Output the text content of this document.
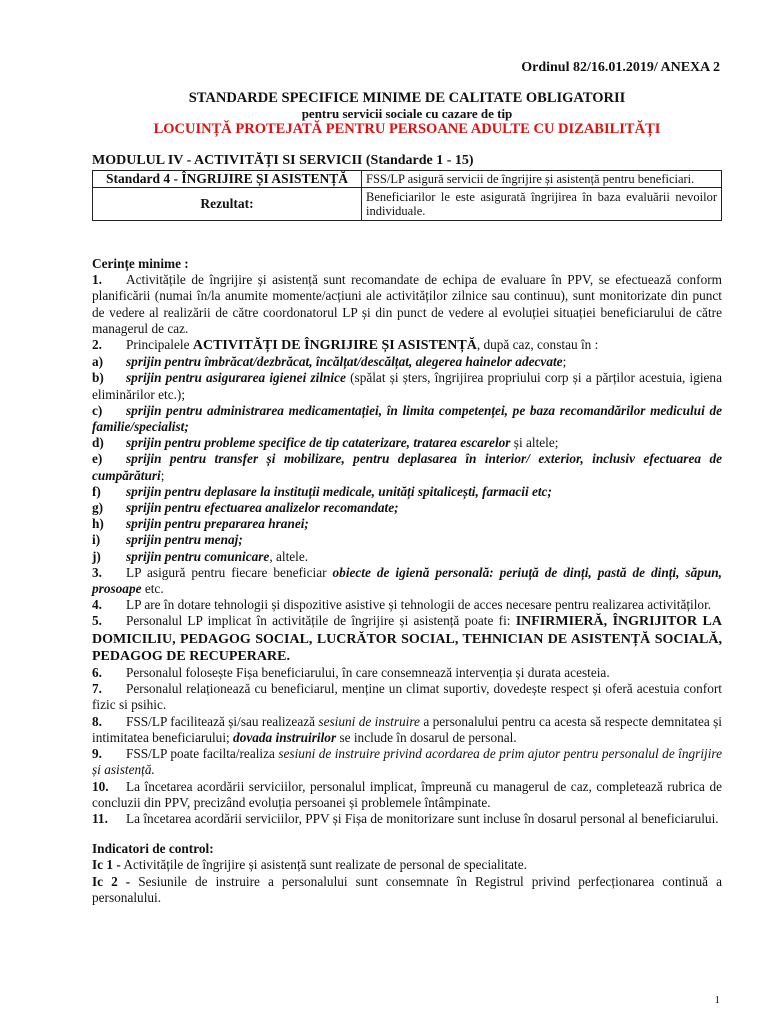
Ordinul 82/16.01.2019/ ANEXA 2
STANDARDE SPECIFICE MINIME DE CALITATE OBLIGATORII
pentru servicii sociale cu cazare de tip
LOCUINȚĂ PROTEJATĂ PENTRU PERSOANE ADULTE CU DIZABILITĂȚI
MODULUL IV - ACTIVITĂȚI SI SERVICII (Standarde 1 - 15)
Standard 4 - ÎNGRIJIRE ȘI ASISTENȚĂ	FSS/LP asigură servicii de îngrijire și asistență pentru beneficiari.
Rezultat:	Beneficiarilor le este asigurată îngrijirea în baza evaluării nevoilor individuale.

Cerințe minime :

1. Activitățile de îngrijire și asistență sunt recomandate de echipa de evaluare în PPV, se efectuează conform planificării (numai în/la anumite momente/acțiuni ale activităților zilnice sau continuu), sunt monitorizate din punct de vedere al realizării de către coordonatorul LP și din punct de vedere al evoluției situației beneficiarului de către managerul de caz.

2. Principalele ACTIVITĂȚI DE ÎNGRIJIRE ȘI ASISTENȚĂ, după caz, constau în :

a) sprijin pentru îmbrăcat/dezbrăcat, încălțat/descălțat, alegerea hainelor adecvate;

b) sprijin pentru asigurarea igienei zilnice (spălat și șters, îngrijirea propriului corp și a părților acestuia, igiena eliminărilor etc.);

c) sprijin pentru administrarea medicamentației, în limita competenței, pe baza recomandărilor medicului de familie/specialist;

d) sprijin pentru probleme specifice de tip cataterizare, tratarea escarelor și altele;

e) sprijin pentru transfer și mobilizare, pentru deplasarea în interior/ exterior, inclusiv efectuarea de cumpărături;

f) sprijin pentru deplasare la instituții medicale, unități spitalicești, farmacii etc;

g) sprijin pentru efectuarea analizelor recomandate;

h) sprijin pentru prepararea hranei;

i) sprijin pentru menaj;

j) sprijin pentru comunicare, altele.

3. LP asigură pentru fiecare beneficiar obiecte de igienă personală: periuță de dinți, pastă de dinți, săpun, prosoape etc.

4. LP are în dotare tehnologii și dispozitive asistive și tehnologii de acces necesare pentru realizarea activităților.

5. Personalul LP implicat în activitățile de îngrijire și asistență poate fi: INFIRMIERĂ, ÎNGRIJITOR LA DOMICILIU, PEDAGOG SOCIAL, LUCRĂTOR SOCIAL, TEHNICIAN DE ASISTENȚĂ SOCIALĂ, PEDAGOG DE RECUPERARE.

6. Personalul folosește Fișa beneficiarului, în care consemnează intervenția și durata acesteia.

7. Personalul relaționează cu beneficiarul, menține un climat suportiv, dovedește respect și oferă acestuia confort fizic si psihic.

8. FSS/LP facilitează și/sau realizează sesiuni de instruire a personalului pentru ca acesta să respecte demnitatea și intimitatea beneficiarului; dovada instruirilor se include în dosarul de personal.

9. FSS/LP poate facilta/realiza sesiuni de instruire privind acordarea de prim ajutor pentru personalul de îngrijire și asistență.

10. La încetarea acordării serviciilor, personalul implicat, împreună cu managerul de caz, completează rubrica de concluzii din PPV, precizând evoluția persoanei și problemele întâmpinate.

11. La încetarea acordării serviciilor, PPV și Fișa de monitorizare sunt incluse în dosarul personal al beneficiarului.

Indicatori de control:

Ic 1 - Activitățile de îngrijire și asistență sunt realizate de personal de specialitate.

Ic 2 - Sesiunile de instruire a personalului sunt consemnate în Registrul privind perfecționarea continuă a personalului.

1
